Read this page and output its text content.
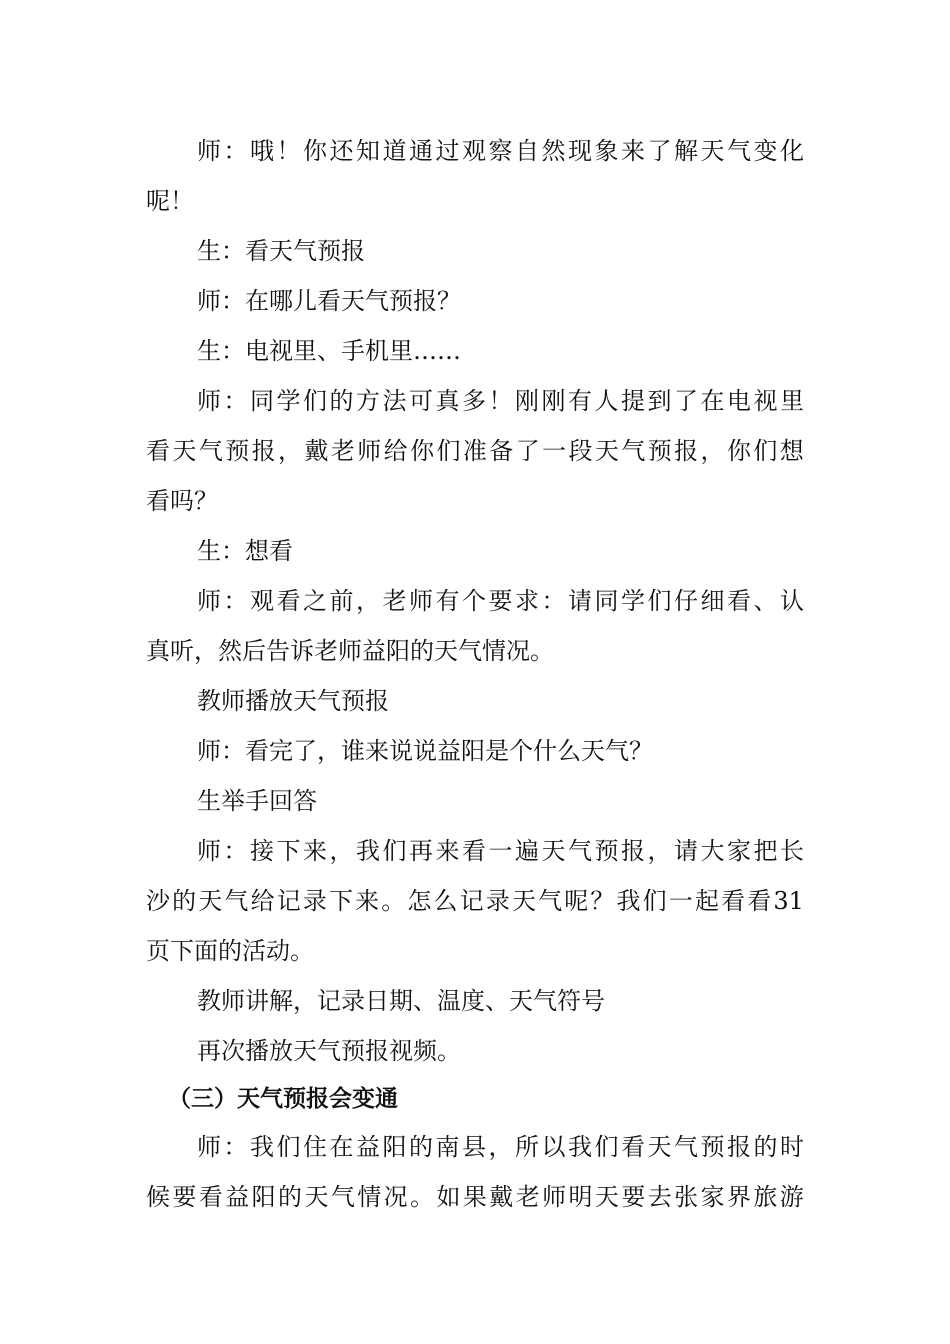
师 ： 哦 ！ 你 还 知 道 通 过 观 察 自 然 现 象 来 了 解 天 气 变 化
呢！
生：看天气预报
师：在哪儿看天气预报？
生：电视里、手机里……
师 ： 同 学 们 的 方 法 可 真 多 ！ 刚 刚 有 人 提 到 了 在 电 视 里
看 天 气 预 报 ， 戴 老 师 给 你 们 准 备 了 一 段 天 气 预 报 ， 你 们 想
看吗？
生：想看
师 ： 观 看 之 前 ， 老 师 有 个 要 求 ： 请 同 学 们 仔 细 看 、 认
真听，然后告诉老师益阳的天气情况。
教师播放天气预报
师：看完了，谁来说说益阳是个什么天气？
生举手回答
师 ： 接 下 来 ， 我 们 再 来 看 一 遍 天 气 预 报 ， 请 大 家 把 长
沙 的 天 气 给 记 录 下 来 。 怎 么 记 录 天 气 呢 ？ 我 们 一 起 看 看 31
页下面的活动。
教师讲解，记录日期、温度、天气符号
再次播放天气预报视频。
（三）天气预报会变通
师 ： 我 们 住 在 益 阳 的 南 县 ， 所 以 我 们 看 天 气 预 报 的 时
候 要 看 益 阳 的 天 气 情 况 。 如 果 戴 老 师 明 天 要 去 张 家 界 旅 游
